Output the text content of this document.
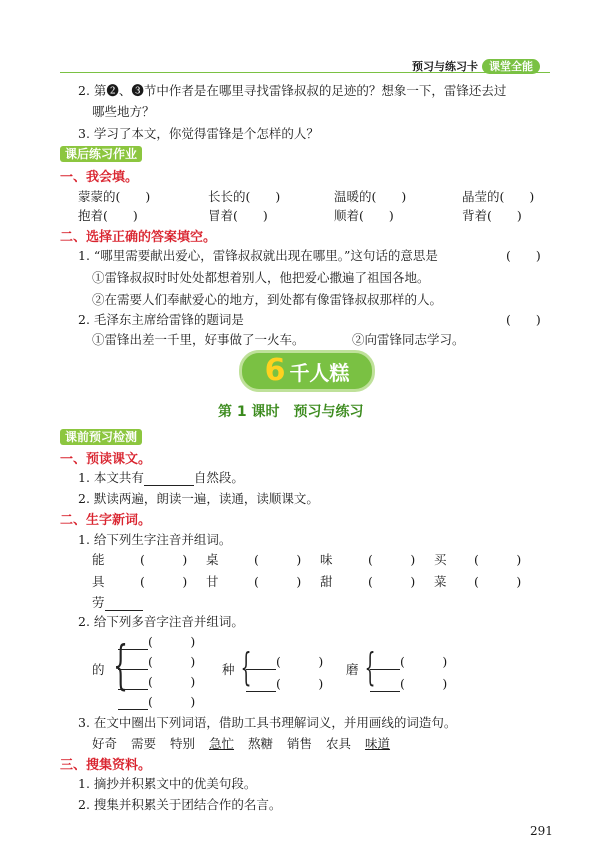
预习与练习卡 课堂全能
2. 第❷、❸节中作者是在哪里寻找雷锋叔叔的足迹的？想象一下，雷锋还去过
哪些地方？
3. 学习了本文，你觉得雷锋是个怎样的人？
课后练习作业
一、我会填。
蒙蒙的(　　)	长长的(　　)	温暖的(　　)	晶莹的(　　)
抱着(　　)	冒着(　　)	顺着(　　)	背着(　　)
二、选择正确的答案填空。
1. “哪里需要献出爱心，雷锋叔叔就出现在哪里。”这句话的意思是	(　　)
①雷锋叔叔时时处处都想着别人，他把爱心撒遍了祖国各地。
②在需要人们奉献爱心的地方，到处都有像雷锋叔叔那样的人。
2. 毛泽东主席给雷锋的题词是	(　　)
①雷锋出差一千里，好事做了一火车。	②向雷锋同志学习。
6 千人糕
第 1 课时　预习与练习
课前预习检测
一、预读课文。
1. 本文共有	自然段。
2. 默读两遍，朗读一遍，读通，读顺课文。
二、生字新词。
1. 给下列生字注音并组词。
能	(　　　) 桌	(　　　) 味	(　　　) 买 (　　　)
具	(　　　) 甘	(　　　) 甜	(　　　) 菜 (　　　)
劳
2. 给下列多音字注音并组词。
的 {	(　　　)
(　　　)
(　　　)
(　　　)
种 {	(　　　)
(　　　)
磨 {	(　　　)
(　　　)
3. 在文中圈出下列词语，借助工具书理解词义，并用画线的词造句。
好奇 需要 特别 急忙 熬糖 销售 农具 味道
三、搜集资料。
1. 摘抄并积累文中的优美句段。
2. 搜集并积累关于团结合作的名言。
291
